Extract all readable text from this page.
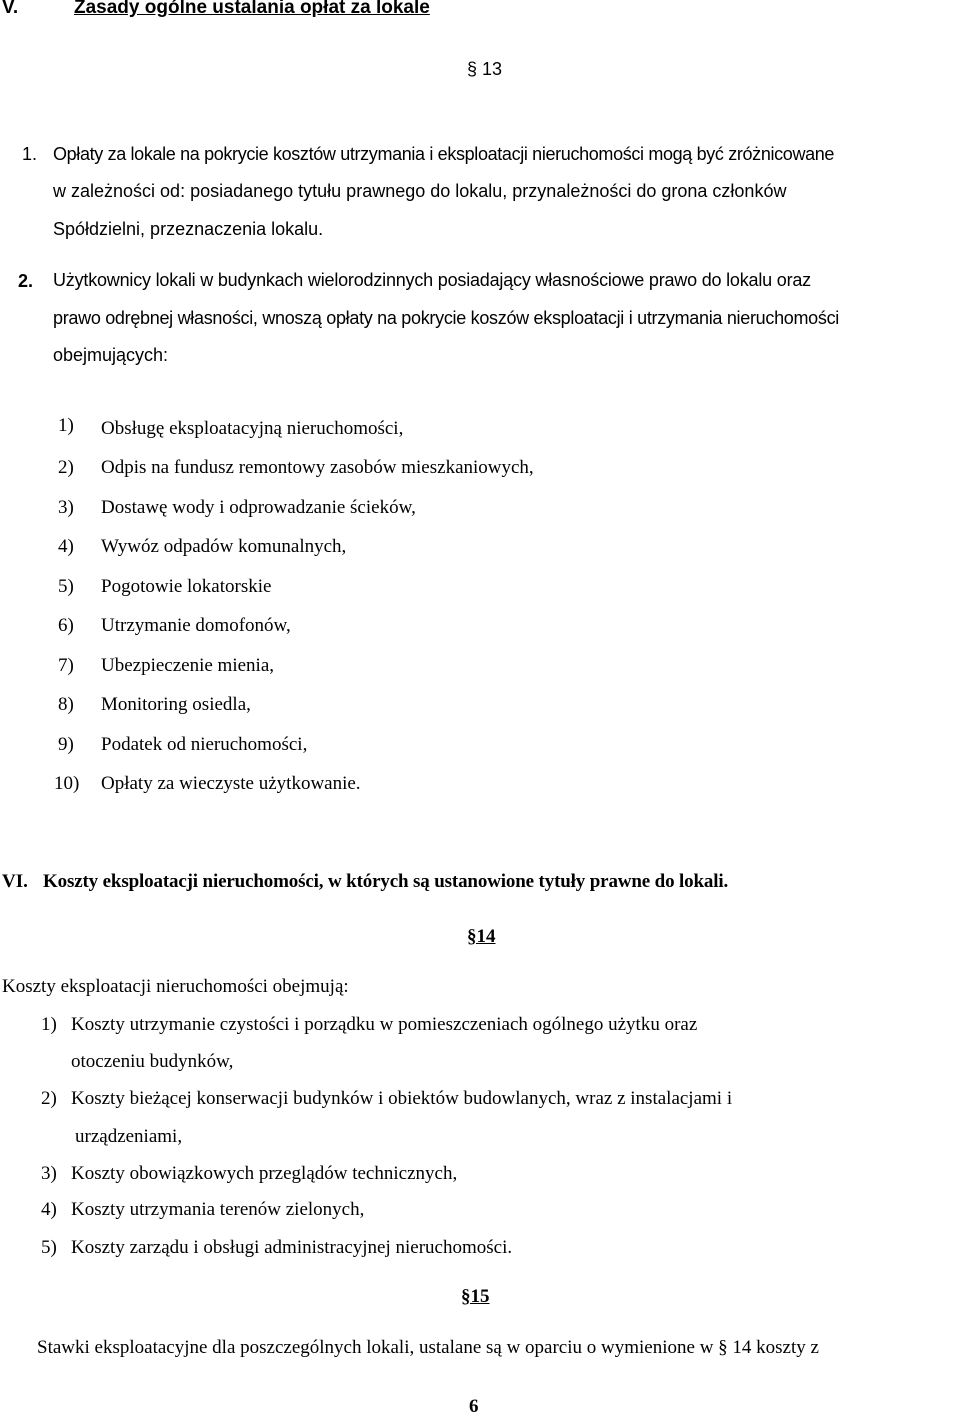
V.	Zasady ogólne ustalania opłat za lokale
§ 13
1. Opłaty za lokale na pokrycie kosztów utrzymania i eksploatacji nieruchomości mogą być zróżnicowane
w zależności od: posiadanego tytułu prawnego do lokalu, przynależności do grona członków
Spółdzielni, przeznaczenia lokalu.
2. Użytkownicy lokali w budynkach wielorodzinnych posiadający własnościowe prawo do lokalu oraz
prawo odrębnej własności, wnoszą opłaty na pokrycie koszów eksploatacji i utrzymania nieruchomości
obejmujących:
1) Obsługę eksploatacyjną nieruchomości,
2) Odpis na fundusz remontowy zasobów mieszkaniowych,
3) Dostawę wody i odprowadzanie ścieków,
4) Wywóz odpadów komunalnych,
5) Pogotowie lokatorskie
6) Utrzymanie domofonów,
7) Ubezpieczenie mienia,
8) Monitoring osiedla,
9) Podatek od nieruchomości,
10) Opłaty za wieczyste użytkowanie.
VI. Koszty eksploatacji nieruchomości, w których są ustanowione tytuły prawne do lokali.
§14
Koszty eksploatacji nieruchomości obejmują:
1) Koszty utrzymanie czystości i porządku w pomieszczeniach ogólnego użytku oraz
otoczeniu budynków,
2) Koszty bieżącej konserwacji budynków i obiektów budowlanych, wraz z instalacjami i
urządzeniami,
3) Koszty obowiązkowych przeglądów technicznych,
4) Koszty utrzymania terenów zielonych,
5) Koszty zarządu i obsługi administracyjnej nieruchomości.
§15
Stawki eksploatacyjne dla poszczególnych lokali, ustalane są w oparciu o wymienione w § 14 koszty z
6
